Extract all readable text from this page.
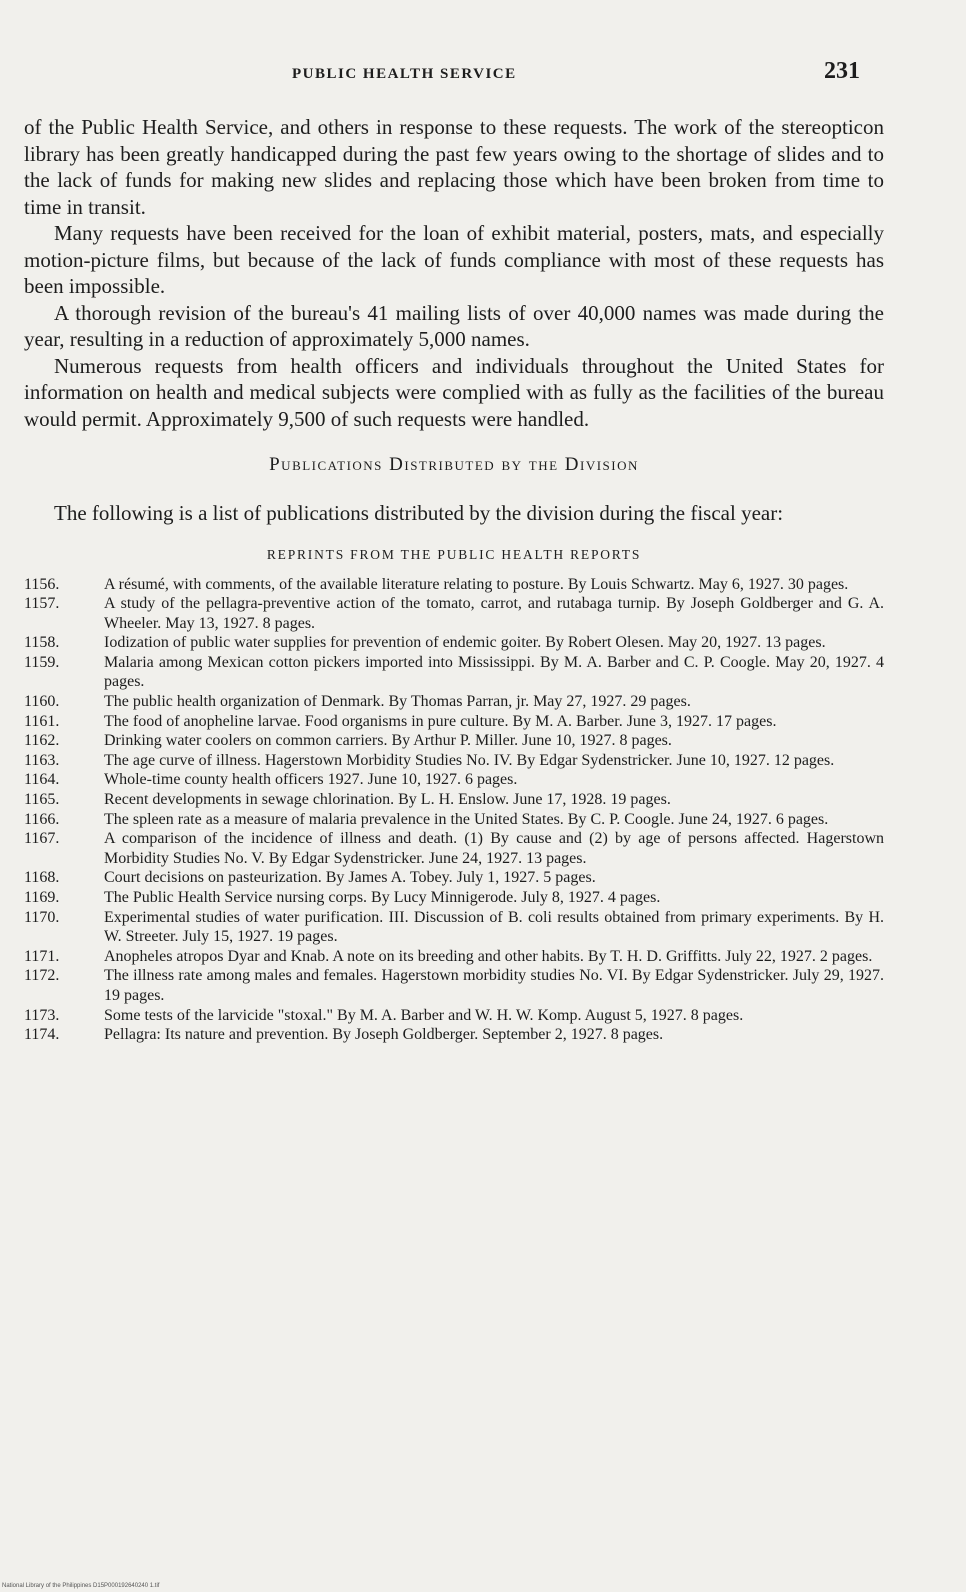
PUBLIC HEALTH SERVICE	231

of the Public Health Service, and others in response to these requests. The work of the stereopticon library has been greatly handicapped during the past few years owing to the shortage of slides and to the lack of funds for making new slides and replacing those which have been broken from time to time in transit.

Many requests have been received for the loan of exhibit material, posters, mats, and especially motion-picture films, but because of the lack of funds compliance with most of these requests has been impossible.

A thorough revision of the bureau's 41 mailing lists of over 40,000 names was made during the year, resulting in a reduction of approximately 5,000 names.

Numerous requests from health officers and individuals throughout the United States for information on health and medical subjects were complied with as fully as the facilities of the bureau would permit. Approximately 9,500 of such requests were handled.

Publications Distributed by the Division

The following is a list of publications distributed by the division during the fiscal year:

REPRINTS FROM THE PUBLIC HEALTH REPORTS
1156.	A résumé, with comments, of the available literature relating to posture. By Louis Schwartz. May 6, 1927. 30 pages.
1157.	A study of the pellagra-preventive action of the tomato, carrot, and rutabaga turnip. By Joseph Goldberger and G. A. Wheeler. May 13, 1927. 8 pages.
1158.	Iodization of public water supplies for prevention of endemic goiter. By Robert Olesen. May 20, 1927. 13 pages.
1159.	Malaria among Mexican cotton pickers imported into Mississippi. By M. A. Barber and C. P. Coogle. May 20, 1927. 4 pages.
1160.	The public health organization of Denmark. By Thomas Parran, jr. May 27, 1927. 29 pages.
1161.	The food of anopheline larvae. Food organisms in pure culture. By M. A. Barber. June 3, 1927. 17 pages.
1162.	Drinking water coolers on common carriers. By Arthur P. Miller. June 10, 1927. 8 pages.
1163.	The age curve of illness. Hagerstown Morbidity Studies No. IV. By Edgar Sydenstricker. June 10, 1927. 12 pages.
1164.	Whole-time county health officers 1927. June 10, 1927. 6 pages.
1165.	Recent developments in sewage chlorination. By L. H. Enslow. June 17, 1928. 19 pages.
1166.	The spleen rate as a measure of malaria prevalence in the United States. By C. P. Coogle. June 24, 1927. 6 pages.
1167.	A comparison of the incidence of illness and death. (1) By cause and (2) by age of persons affected. Hagerstown Morbidity Studies No. V. By Edgar Sydenstricker. June 24, 1927. 13 pages.
1168.	Court decisions on pasteurization. By James A. Tobey. July 1, 1927. 5 pages.
1169.	The Public Health Service nursing corps. By Lucy Minnigerode. July 8, 1927. 4 pages.
1170.	Experimental studies of water purification. III. Discussion of B. coli results obtained from primary experiments. By H. W. Streeter. July 15, 1927. 19 pages.
1171.	Anopheles atropos Dyar and Knab. A note on its breeding and other habits. By T. H. D. Griffitts. July 22, 1927. 2 pages.
1172.	The illness rate among males and females. Hagerstown morbidity studies No. VI. By Edgar Sydenstricker. July 29, 1927. 19 pages.
1173.	Some tests of the larvicide "stoxal." By M. A. Barber and W. H. W. Komp. August 5, 1927. 8 pages.
1174.	Pellagra: Its nature and prevention. By Joseph Goldberger. September 2, 1927. 8 pages.
National Library of the Philippines D15P000192640240 1.tif
